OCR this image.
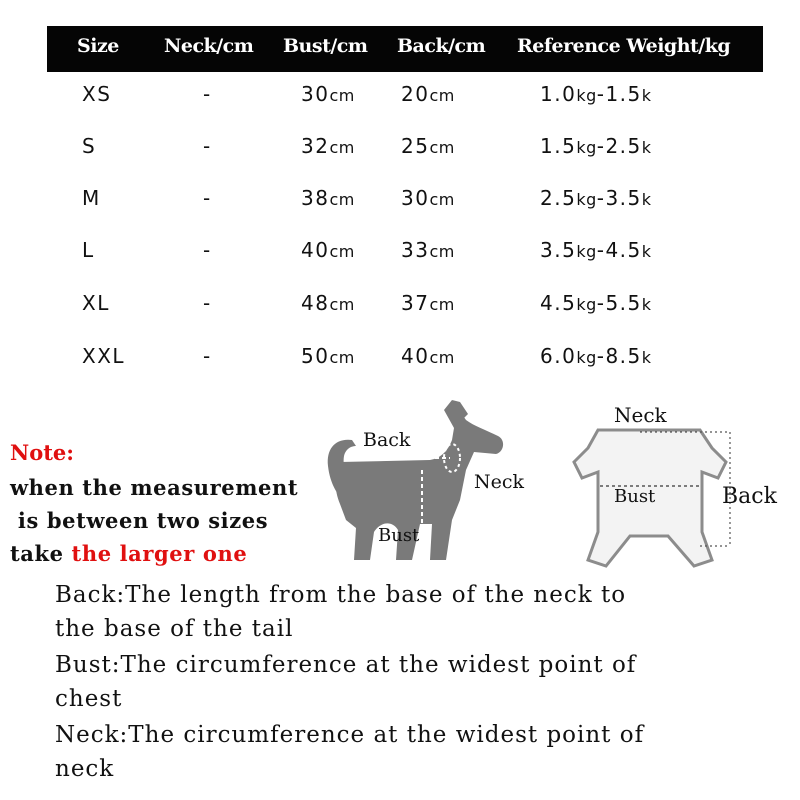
Size Neck/cm Bust/cm Back/cm Reference Weight/kg
XS	-	30cm 20cm	1.0kg-1.5k
S	-	32cm 25cm	1.5kg-2.5k
M	-	38cm 30cm	2.5kg-3.5k
L	-	40cm 33cm	3.5kg-4.5k
XL	-	48cm 37cm	4.5kg-5.5k
XXL	-	50cm 40cm	6.0kg-8.5k
Note:
when the measurement
is between two sizes
take the larger one
Back
Neck
Bust
Neck
Bust	Back
Back:The length from the base of the neck to
the base of the tail
Bust:The circumference at the widest point of
chest
Neck:The circumference at the widest point of
neck
